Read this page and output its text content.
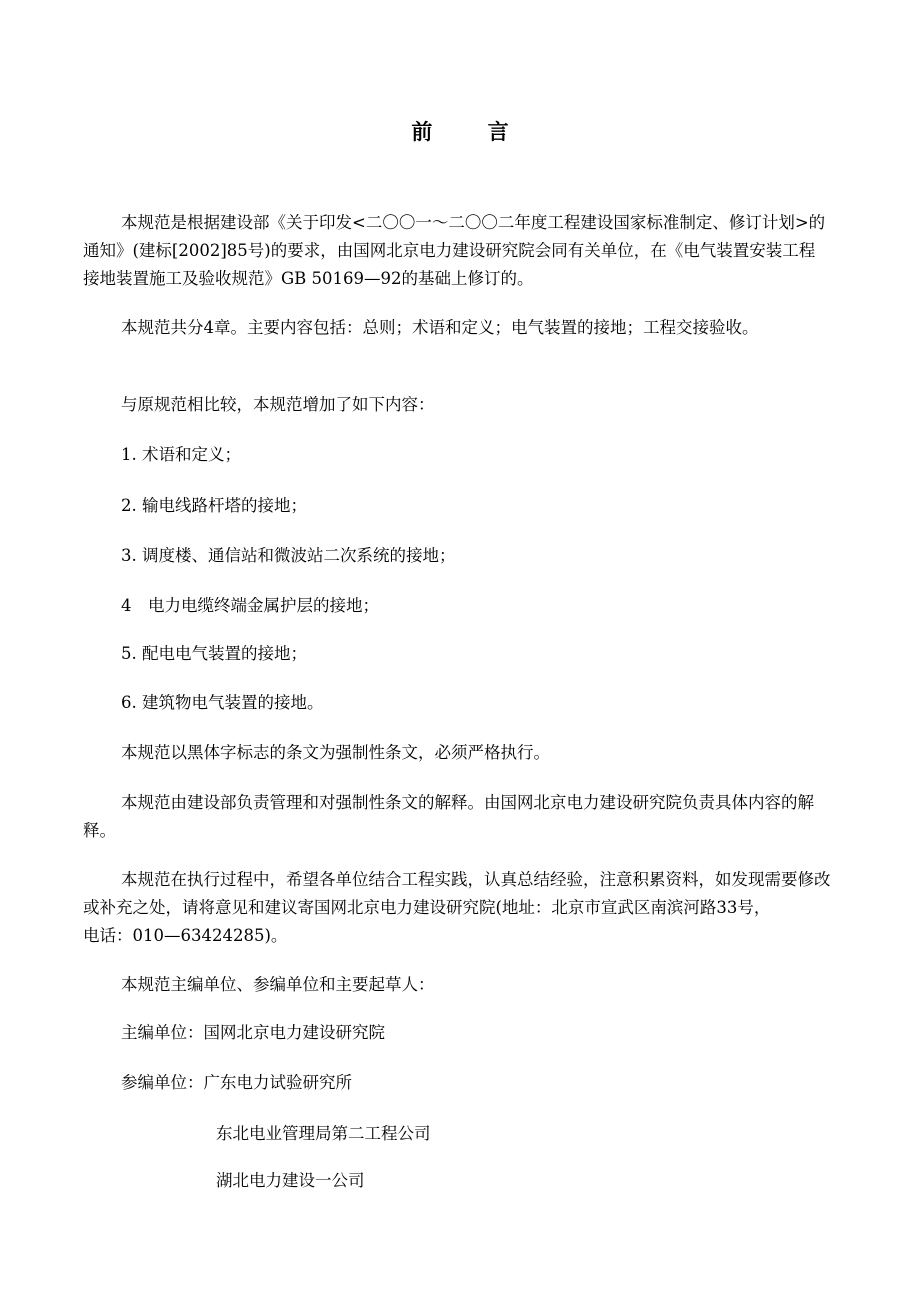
前 言

本规范是根据建设部《关于印发<二〇〇一～二〇〇二年度工程建设国家标准制定、修订计划>的通知》(建标[2002]85号)的要求，由国网北京电力建设研究院会同有关单位，在《电气装置安装工程　接地装置施工及验收规范》GB 50169—92的基础上修订的。

本规范共分4章。主要内容包括：总则；术语和定义；电气装置的接地；工程交接验收。

与原规范相比较，本规范增加了如下内容：

1. 术语和定义；

2. 输电线路杆塔的接地；

3. 调度楼、通信站和微波站二次系统的接地；

4　电力电缆终端金属护层的接地；

5. 配电电气装置的接地；

6. 建筑物电气装置的接地。

本规范以黑体字标志的条文为强制性条文，必须严格执行。

本规范由建设部负责管理和对强制性条文的解释。由国网北京电力建设研究院负责具体内容的解释。

本规范在执行过程中，希望各单位结合工程实践，认真总结经验，注意积累资料，如发现需要修改或补充之处，请将意见和建议寄国网北京电力建设研究院(地址：北京市宣武区南滨河路33号，　　　　　　　　电话：010—63424285)。

本规范主编单位、参编单位和主要起草人：

主编单位：国网北京电力建设研究院

参编单位：广东电力试验研究所

东北电业管理局第二工程公司

湖北电力建设一公司
